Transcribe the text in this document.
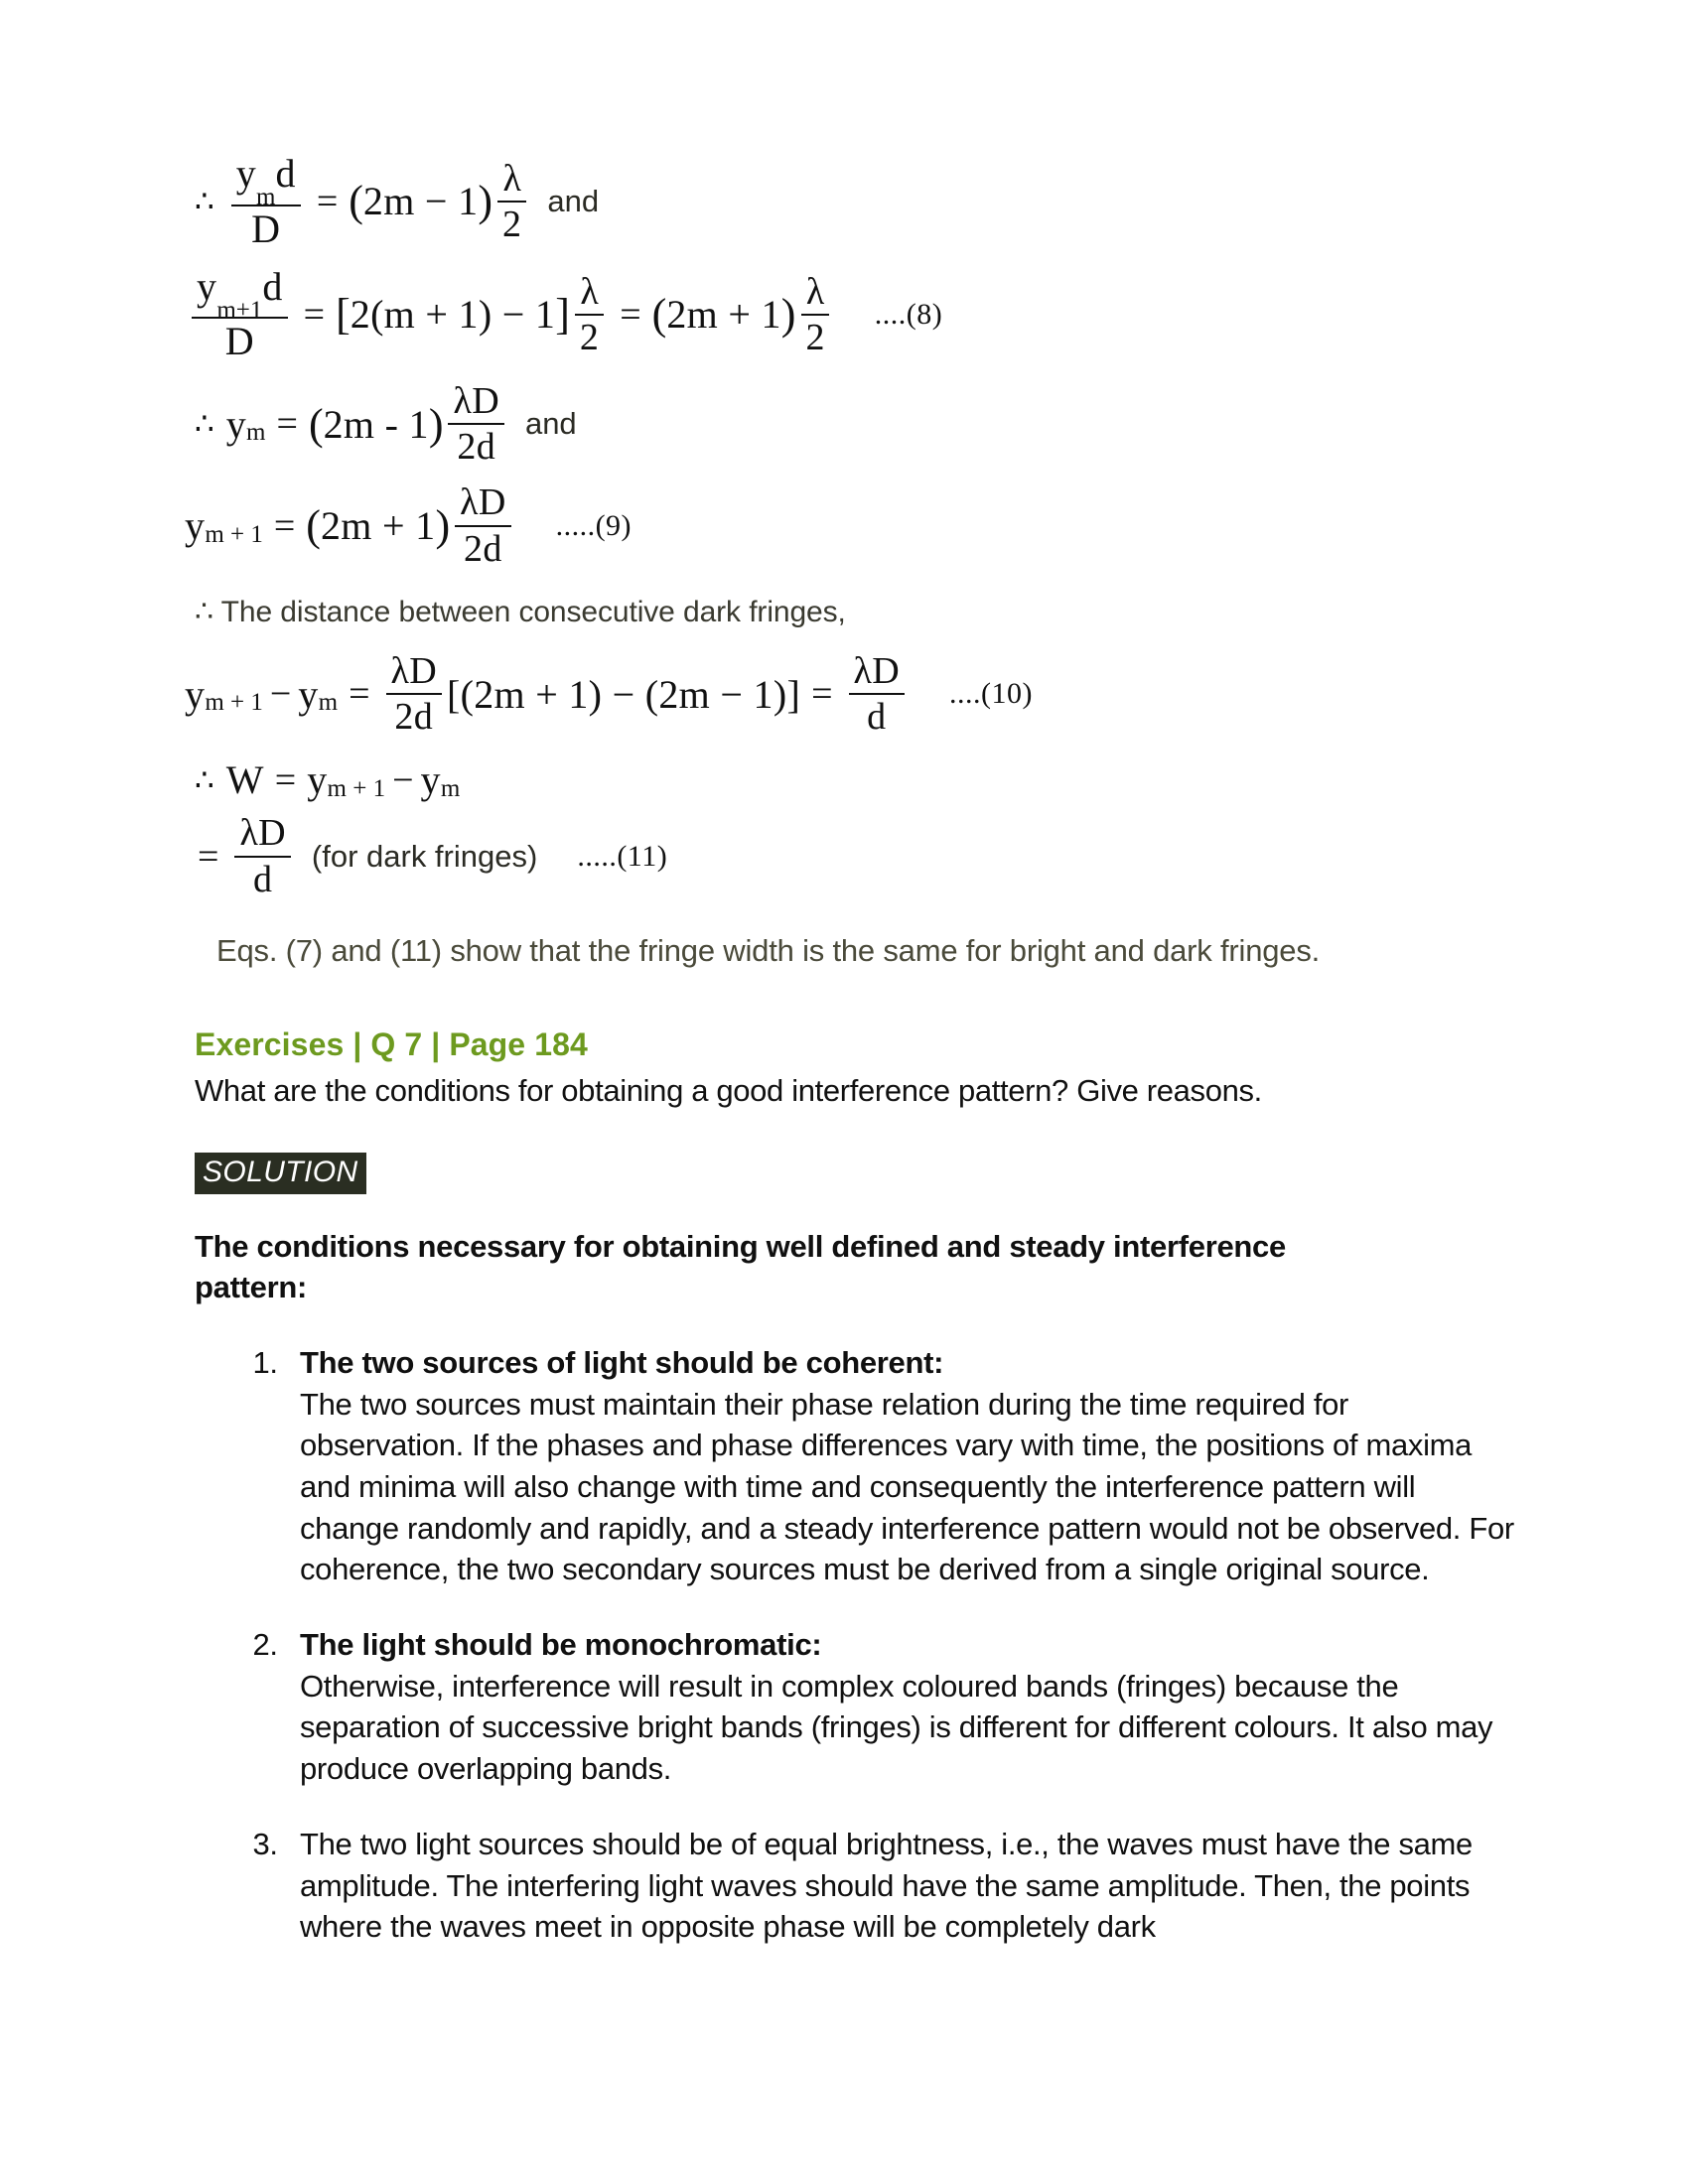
∴ $\frac{y_md}{D}$ = ( 2m − 1 ) $\frac{\lambda}{2}$ and
$\frac{y_{m+1}d}{D}$ = [ 2(m + 1) − 1 ] $\frac{\lambda}{2}$ = ( 2m + 1 ) $\frac{\lambda}{2} ....(8)$
∴ y m = ( 2m - 1 ) $\frac{\lambda D}{2d}$ and
y m + 1 = ( 2m + 1 ) $\frac{\lambda D}{2d} .....(9)$
∴ The distance between consecutive dark fringes,
y m + 1 − y $m = \frac{\lambda D}{2d} [(2m + 1) - (2m - 1)] = \frac{\lambda D}{d} ....(10)$
∴ W = y m + 1 − y m
= $\frac{\lambda D}{d} (for$ dark fringes) .....(11)
Eqs. (7) and (11) show that the fringe width is the same for bright and dark fringes.
Exercises | Q 7 | Page 184
What are the conditions for obtaining a good interference pattern? Give reasons.
SOLUTION
The conditions necessary for obtaining well defined and steady interference pattern:
1. The two sources of light should be coherent:
The two sources must maintain their phase relation during the time required for observation. If the phases and phase differences vary with time, the positions of maxima and minima will also change with time and consequently the interference pattern will change randomly and rapidly, and a steady interference pattern would not be observed. For coherence, the two secondary sources must be derived from a single original source.
2. The light should be monochromatic:
Otherwise, interference will result in complex coloured bands (fringes) because the separation of successive bright bands (fringes) is different for different colours. It also may produce overlapping bands.
3. The two light sources should be of equal brightness, i.e., the waves must have the same amplitude. The interfering light waves should have the same amplitude. Then, the points where the waves meet in opposite phase will be completely dark
